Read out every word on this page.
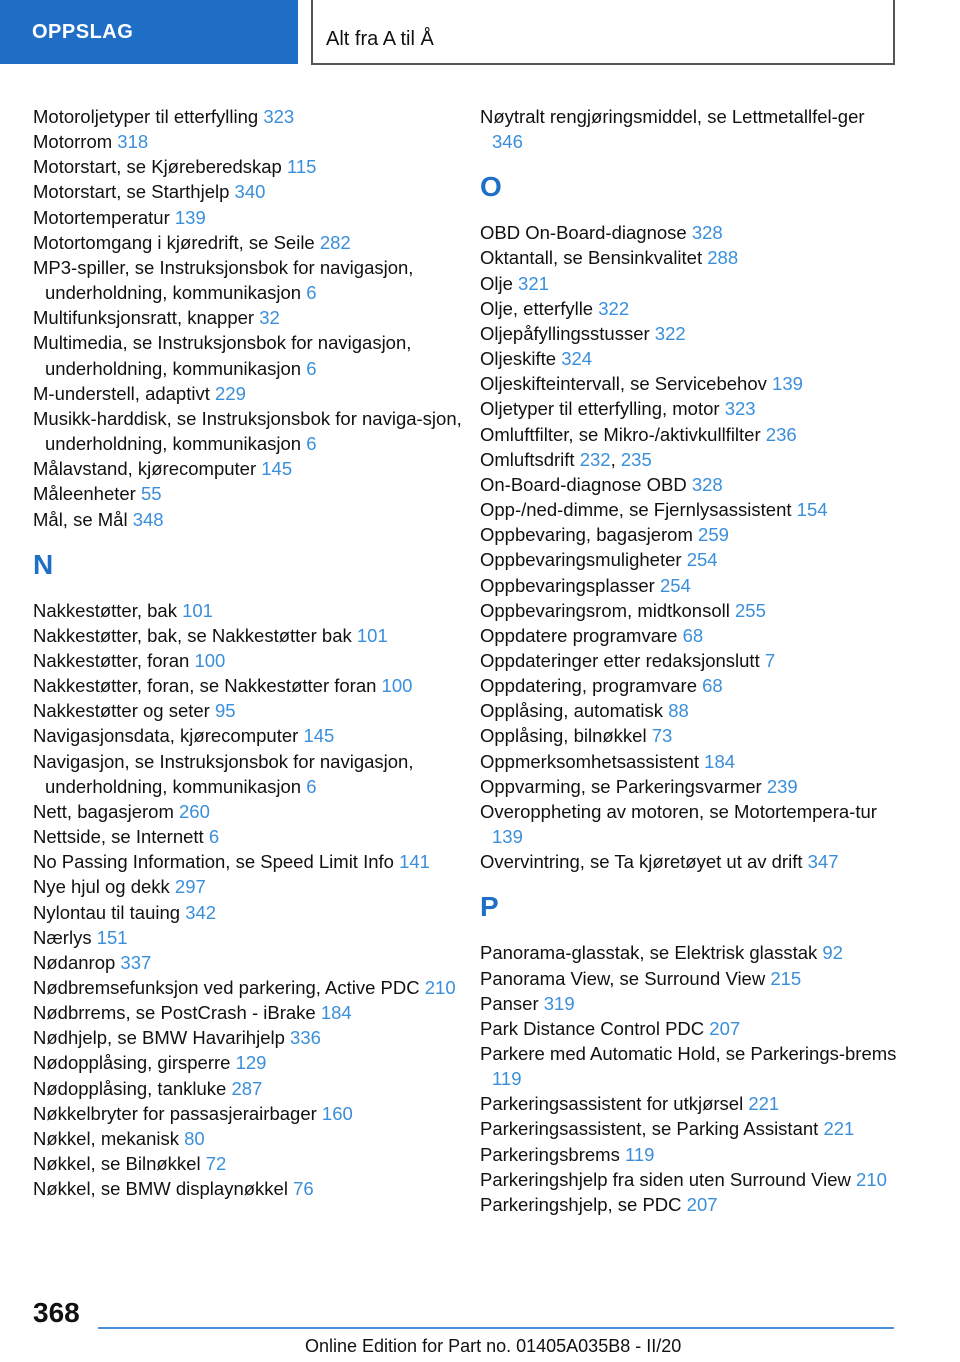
OPPSLAG	Alt fra A til Å
Motoroljetyper til etterfylling 323
Motorrom 318
Motorstart, se Kjøreberedskap 115
Motorstart, se Starthjelp 340
Motortemperatur 139
Motortomgang i kjøredrift, se Seile 282
MP3-spiller, se Instruksjonsbok for navigasjon, underholdning, kommunikasjon 6
Multifunksjonsratt, knapper 32
Multimedia, se Instruksjonsbok for navigasjon, underholdning, kommunikasjon 6
M-understell, adaptivt 229
Musikk-harddisk, se Instruksjonsbok for naviga‐sjon, underholdning, kommunikasjon 6
Målavstand, kjørecomputer 145
Måleenheter 55
Mål, se Mål 348
N
Nakkestøtter, bak 101
Nakkestøtter, bak, se Nakkestøtter bak 101
Nakkestøtter, foran 100
Nakkestøtter, foran, se Nakkestøtter foran 100
Nakkestøtter og seter 95
Navigasjonsdata, kjørecomputer 145
Navigasjon, se Instruksjonsbok for navigasjon, underholdning, kommunikasjon 6
Nett, bagasjerom 260
Nettside, se Internett 6
No Passing Information, se Speed Limit Info 141
Nye hjul og dekk 297
Nylontau til tauing 342
Nærlys 151
Nødanrop 337
Nødbremsefunksjon ved parkering, Active PDC 210
Nødbrrems, se PostCrash - iBrake 184
Nødhjelp, se BMW Havarihjelp 336
Nødopplåsing, girsperre 129
Nødopplåsing, tankluke 287
Nøkkelbryter for passasjerairbager 160
Nøkkel, mekanisk 80
Nøkkel, se Bilnøkkel 72
Nøkkel, se BMW displaynøkkel 76
Nøytralt rengjøringsmiddel, se Lettmetallfel‐ger 346
O
OBD On-Board-diagnose 328
Oktantall, se Bensinkvalitet 288
Olje 321
Olje, etterfylle 322
Oljepåfyllingsstusser 322
Oljeskifte 324
Oljeskifteintervall, se Servicebehov 139
Oljetyper til etterfylling, motor 323
Omluftfilter, se Mikro-/aktivkullfilter 236
Omluftsdrift 232, 235
On-Board-diagnose OBD 328
Opp-/ned-dimme, se Fjernlysassistent 154
Oppbevaring, bagasjerom 259
Oppbevaringsmuligheter 254
Oppbevaringsplasser 254
Oppbevaringsrom, midtkonsoll 255
Oppdatere programvare 68
Oppdateringer etter redaksjonslutt 7
Oppdatering, programvare 68
Opplåsing, automatisk 88
Opplåsing, bilnøkkel 73
Oppmerksomhetsassistent 184
Oppvarming, se Parkeringsvarmer 239
Overoppheting av motoren, se Motortempera‐tur 139
Overvintring, se Ta kjøretøyet ut av drift 347
P
Panorama-glasstak, se Elektrisk glasstak 92
Panorama View, se Surround View 215
Panser 319
Park Distance Control PDC 207
Parkere med Automatic Hold, se Parkerings‐brems 119
Parkeringsassistent for utkjørsel 221
Parkeringsassistent, se Parking Assistant 221
Parkeringsbrems 119
Parkeringshjelp fra siden uten Surround View 210
Parkeringshjelp, se PDC 207
368
Online Edition for Part no. 01405A035B8 - II/20
